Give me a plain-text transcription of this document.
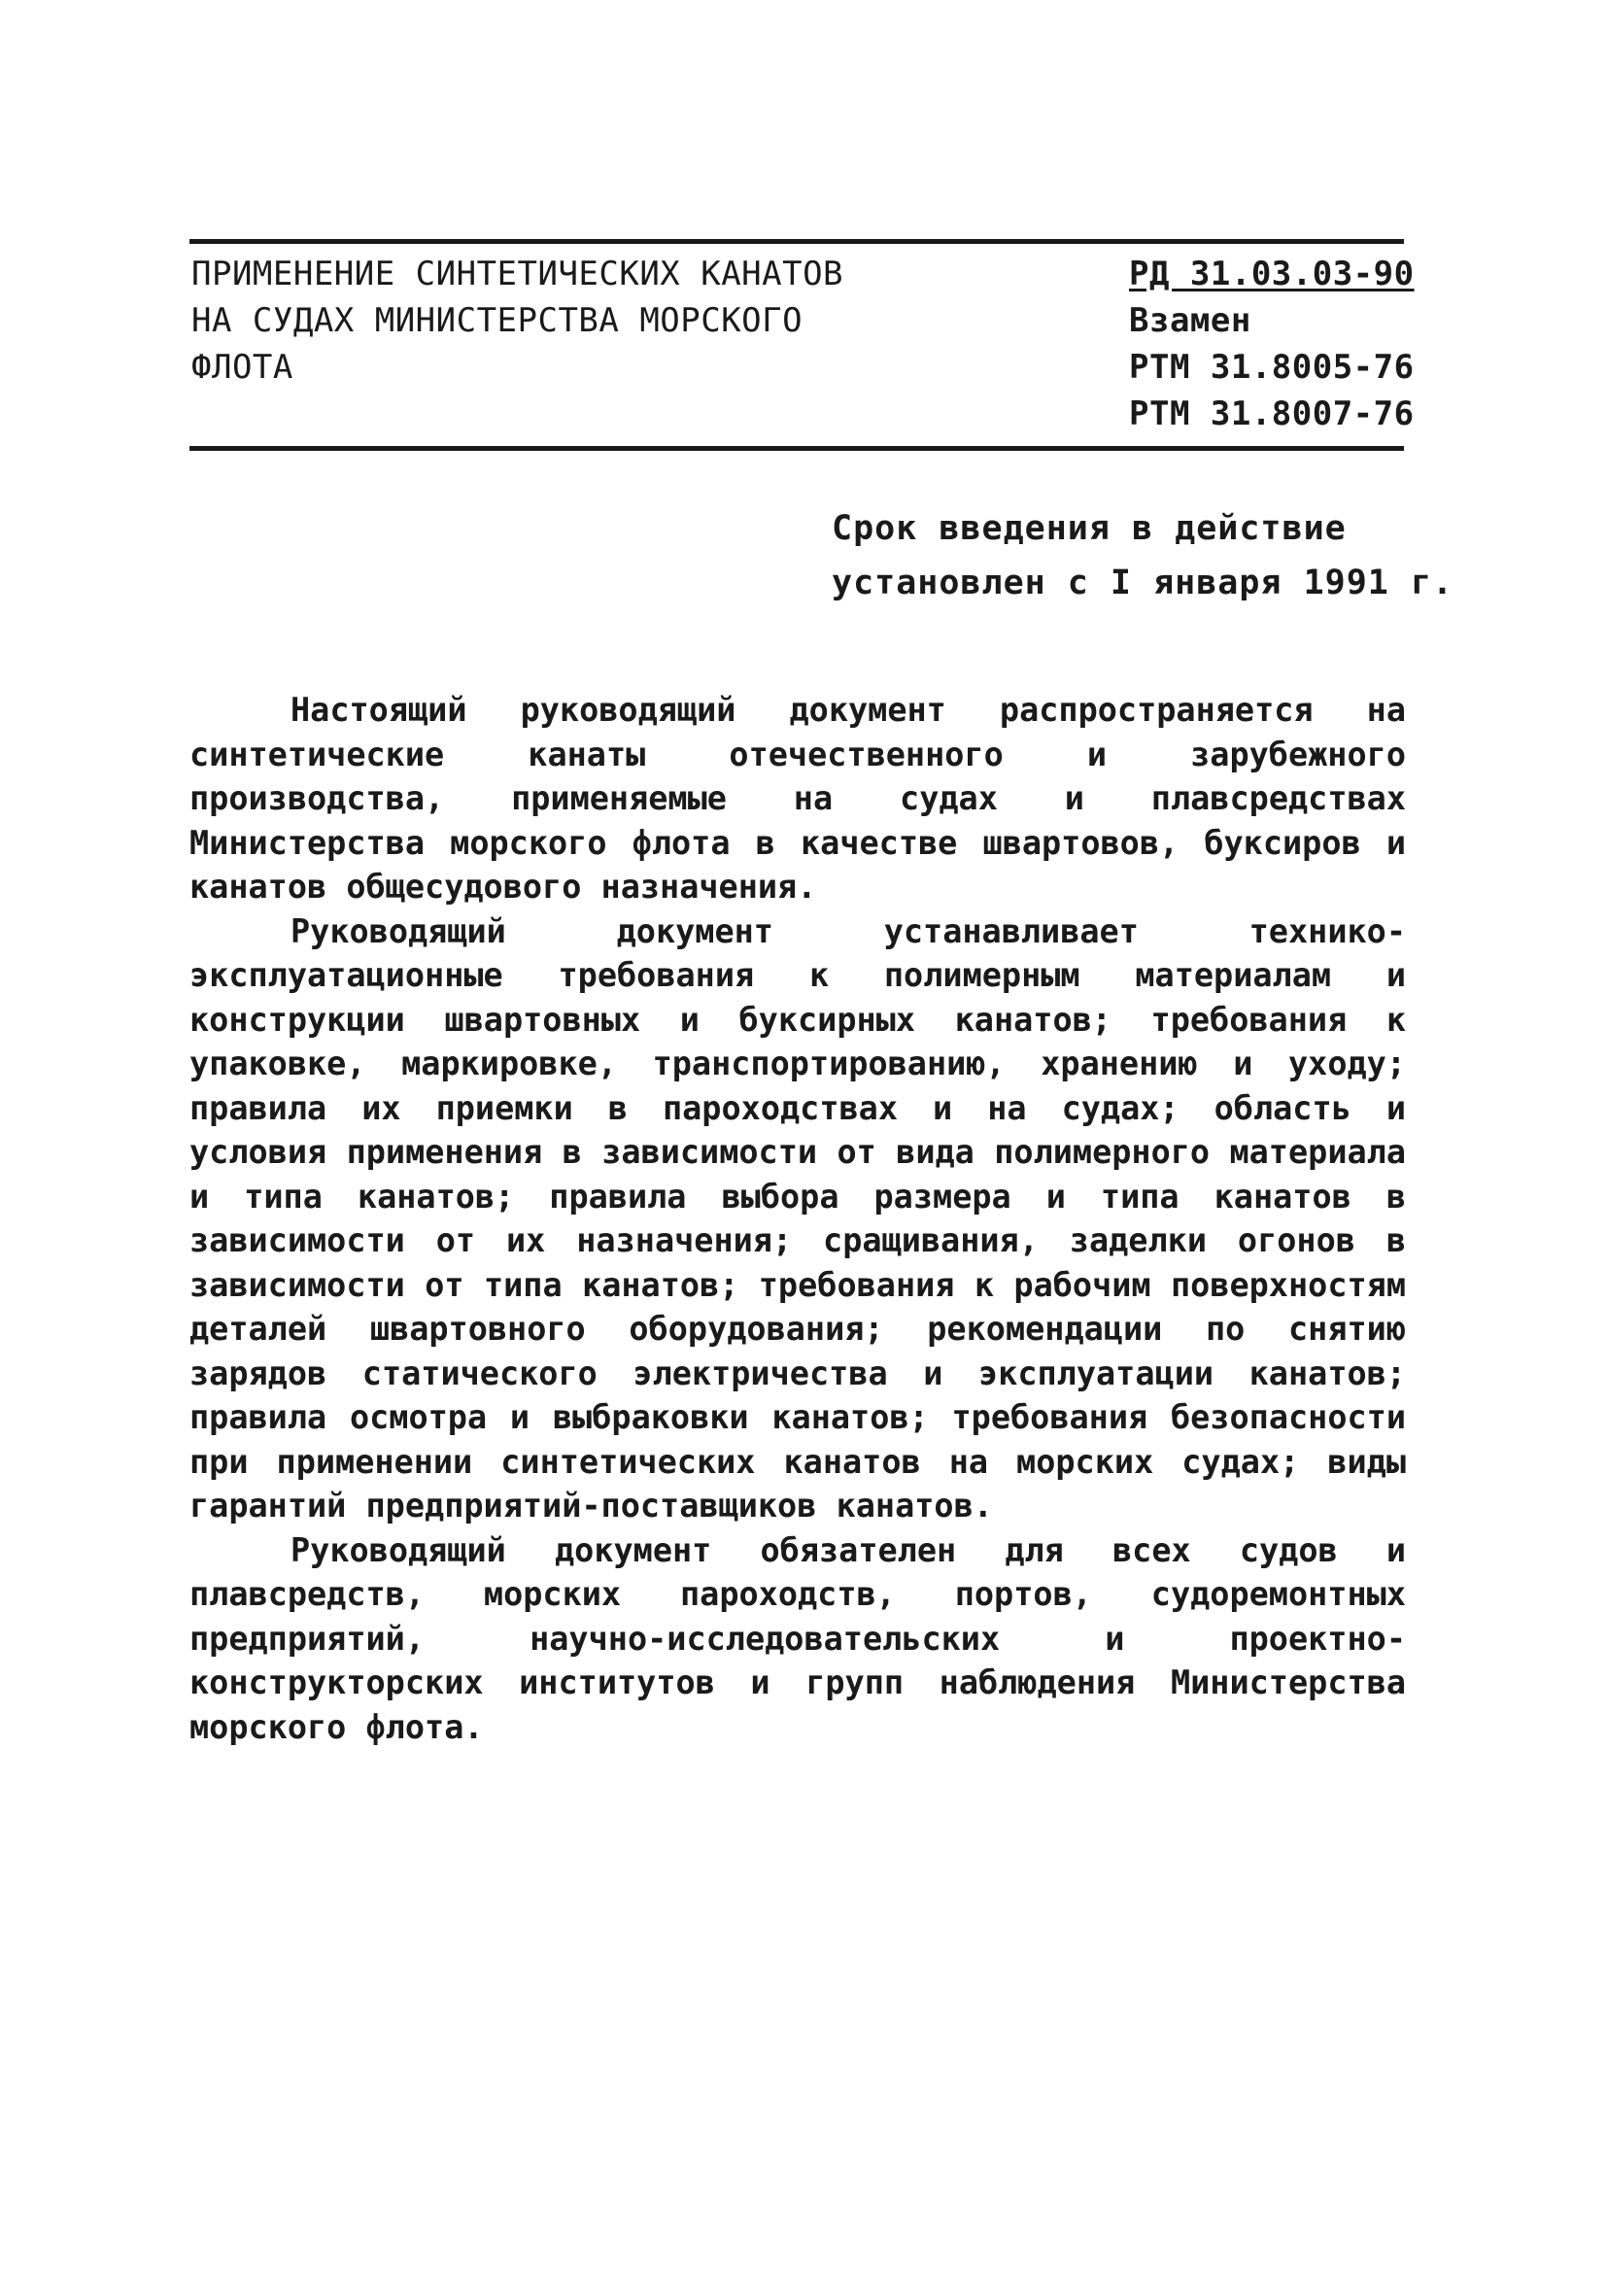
ПРИМЕНЕНИЕ СИНТЕТИЧЕСКИХ КАНАТОВ
НА СУДАХ МИНИСТЕРСТВА МОРСКОГО
ФЛОТА
РД 31.03.03-90
Взамен
РТМ 31.8005-76
РТМ 31.8007-76
Срок введения в действие
установлен с I января 1991 г.

Настоящий руководящий документ распространяется на синтетические канаты отечественного и зарубежного производства, применяемые на судах и плавсредствах Министерства морского флота в качестве швартовов, буксиров и канатов общесудового назначения.

Руководящий документ устанавливает технико-эксплуатационные требования к полимерным материалам и конструкции швартовных и буксирных канатов; требования к упаковке, маркировке, транспортированию, хранению и уходу; правила их приемки в пароходствах и на судах; область и условия применения в зависимости от вида полимерного материала и типа канатов; правила выбора размера и типа канатов в зависимости от их назначения; сращивания, заделки огонов в зависимости от типа канатов; требования к рабочим поверхностям деталей швартовного оборудования; рекомендации по снятию зарядов статического электричества и эксплуатации канатов; правила осмотра и выбраковки канатов; требования безопасности при применении синтетических канатов на морских судах; виды гарантий предприятий-поставщиков канатов.

Руководящий документ обязателен для всех судов и плавсредств, морских пароходств, портов, судоремонтных предприятий, научно-исследовательских и проектно-конструкторских институтов и групп наблюдения Министерства морского флота.
